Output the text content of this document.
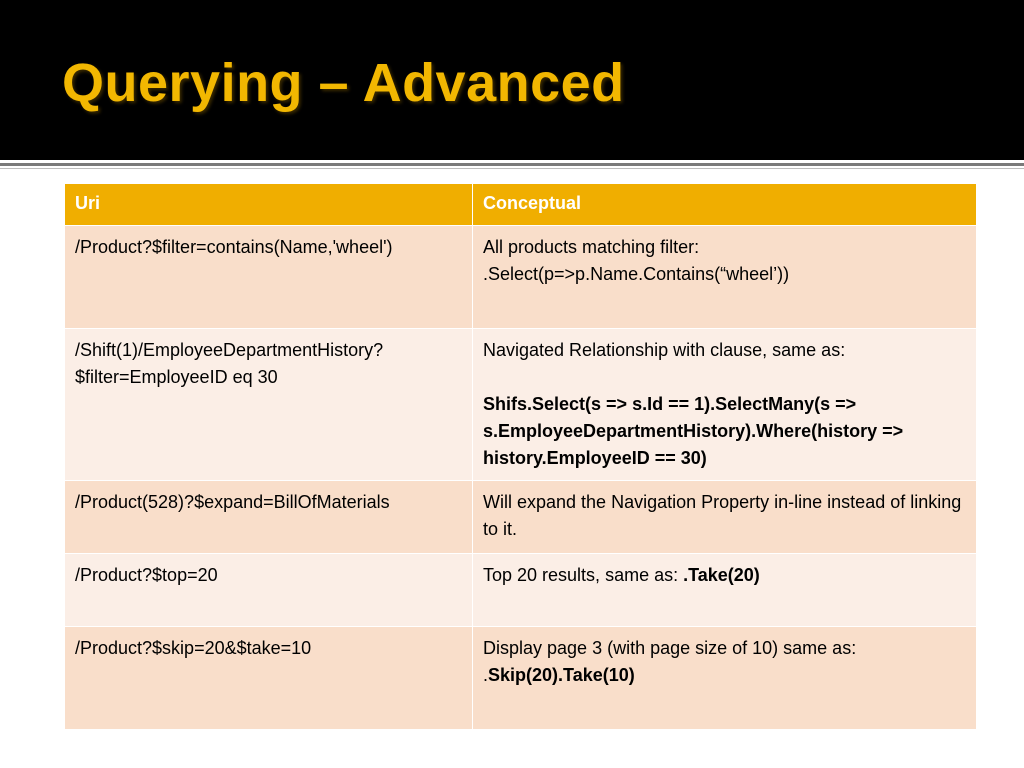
Querying – Advanced
Uri	Conceptual
/Product?$filter=contains(Name,'wheel')	All products matching filter:
.Select(p=>p.Name.Contains(“wheel’))

/Shift(1)/EmployeeDepartmentHistory?$filter=EmployeeID eq 30	Navigated Relationship with clause, same as:
Shifs.Select(s => s.Id == 1).SelectMany(s => s.EmployeeDepartmentHistory).Where(history => history.EmployeeID == 30)

/Product(528)?$expand=BillOfMaterials	Will expand the Navigation Property in-line instead of linking to it.
/Product?$top=20	Top 20 results, same as: .Take(20)
/Product?$skip=20&$take=10	Display page 3 (with page size of 10) same as:
.Skip(20).Take(10)
